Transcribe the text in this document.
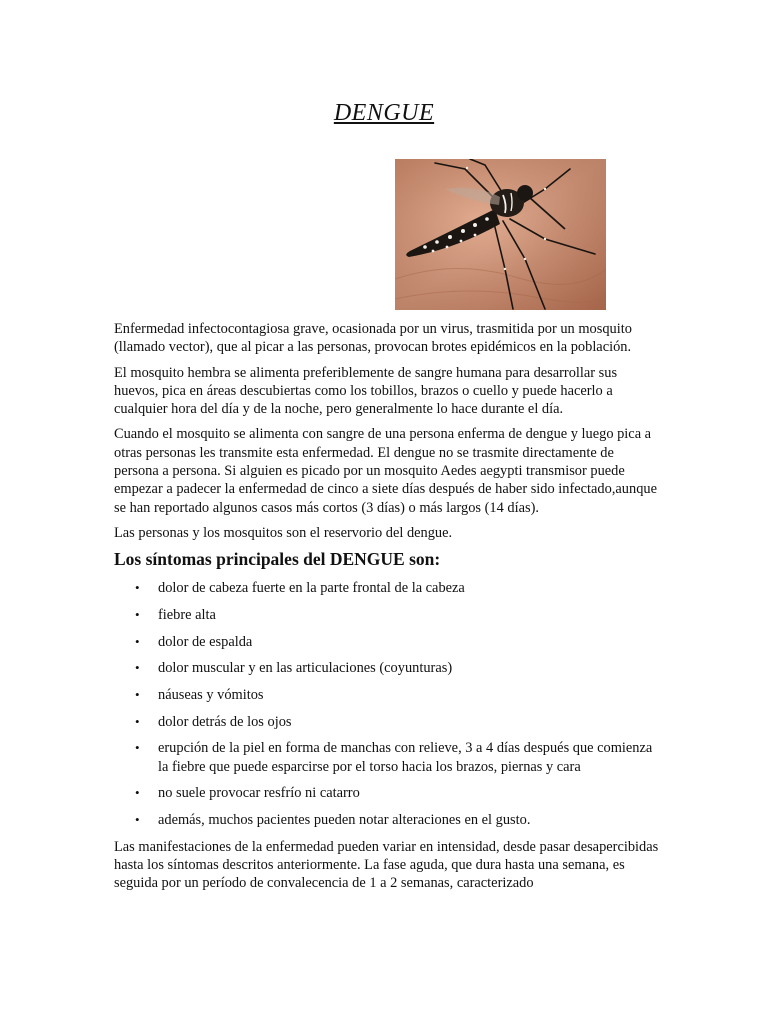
DENGUE

Enfermedad infectocontagiosa grave, ocasionada por un virus, trasmitida por un mosquito (llamado vector), que al picar a las personas, provocan brotes epidémicos en la población.

El mosquito hembra se alimenta preferiblemente de sangre humana para desarrollar sus huevos, pica en áreas descubiertas como los tobillos, brazos o cuello y puede hacerlo a cualquier hora del día y de la noche, pero generalmente lo hace durante el día.

Cuando el mosquito se alimenta con sangre de una persona enferma de dengue y luego pica a otras personas les transmite esta enfermedad. El dengue no se trasmite directamente de persona a persona. Si alguien es picado por un mosquito Aedes aegypti transmisor puede empezar a padecer la enfermedad de cinco a siete días después de haber sido infectado,aunque se han reportado algunos casos más cortos (3 días) o más largos (14 días).

Las personas y los mosquitos son el reservorio del dengue.

Los síntomas principales del DENGUE son:
• dolor de cabeza fuerte en la parte frontal de la cabeza
• fiebre alta
• dolor de espalda
• dolor muscular y en las articulaciones (coyunturas)
• náuseas y vómitos
• dolor detrás de los ojos
• erupción de la piel en forma de manchas con relieve, 3 a 4 días después que comienza la fiebre que puede esparcirse por el torso hacia los brazos, piernas y cara
• no suele provocar resfrío ni catarro
• además, muchos pacientes pueden notar alteraciones en el gusto.

Las manifestaciones de la enfermedad pueden variar en intensidad, desde pasar desapercibidas hasta los síntomas descritos anteriormente. La fase aguda, que dura hasta una semana, es seguida por un período de convalecencia de 1 a 2 semanas, caracterizado
